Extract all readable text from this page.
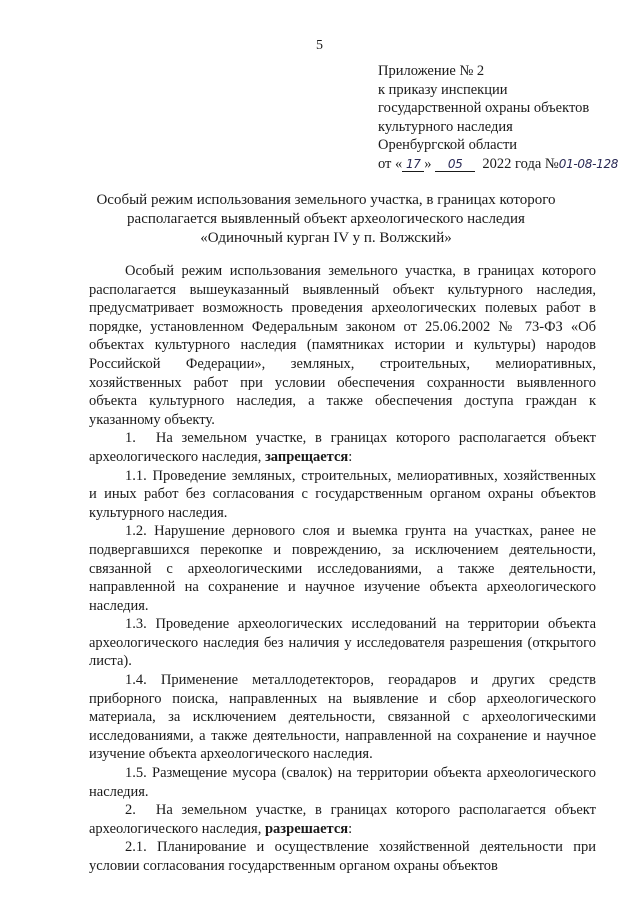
5
Приложение № 2
к приказу инспекции
государственной охраны объектов
культурного наследия
Оренбургской области
от « 17 » 05 2022 года №01-08-128
Особый режим использования земельного участка, в границах которого располагается выявленный объект археологического наследия «Одиночный курган IV у п. Волжский»

Особый режим использования земельного участка, в границах которого располагается вышеуказанный выявленный объект культурного наследия, предусматривает возможность проведения археологических полевых работ в порядке, установленном Федеральным законом от 25.06.2002 № 73-ФЗ «Об объектах культурного наследия (памятниках истории и культуры) народов Российской Федерации», земляных, строительных, мелиоративных, хозяйственных работ при условии обеспечения сохранности выявленного объекта культурного наследия, а также обеспечения доступа граждан к указанному объекту.

1. На земельном участке, в границах которого располагается объект археологического наследия, запрещается:

1.1. Проведение земляных, строительных, мелиоративных, хозяйственных и иных работ без согласования с государственным органом охраны объектов культурного наследия.

1.2. Нарушение дернового слоя и выемка грунта на участках, ранее не подвергавшихся перекопке и повреждению, за исключением деятельности, связанной с археологическими исследованиями, а также деятельности, направленной на сохранение и научное изучение объекта археологического наследия.

1.3. Проведение археологических исследований на территории объекта археологического наследия без наличия у исследователя разрешения (открытого листа).

1.4. Применение металлодетекторов, георадаров и других средств приборного поиска, направленных на выявление и сбор археологического материала, за исключением деятельности, связанной с археологическими исследованиями, а также деятельности, направленной на сохранение и научное изучение объекта археологического наследия.

1.5. Размещение мусора (свалок) на территории объекта археологического наследия.

2. На земельном участке, в границах которого располагается объект археологического наследия, разрешается:

2.1. Планирование и осуществление хозяйственной деятельности при условии согласования государственным органом охраны объектов
